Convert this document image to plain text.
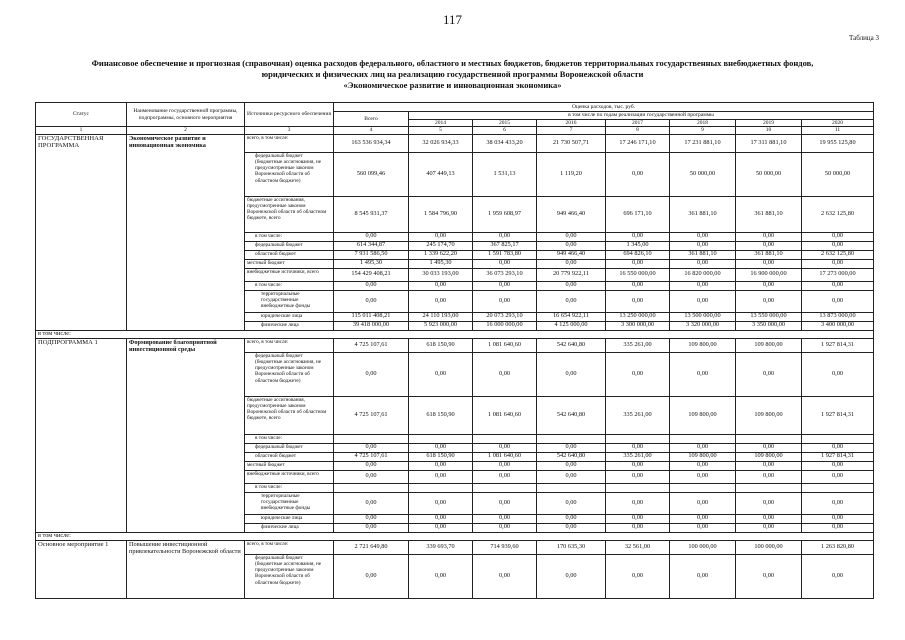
117
Таблица 3
Финансовое обеспечение и прогнозная (справочная) оценка расходов федерального, областного и местных бюджетов, бюджетов территориальных государственных внебюджетных фондов,
юридических и физических лиц на реализацию государственной программы Воронежской области
«Экономическое развитие и инновационная экономика»
Статус	Наименование государственной программы, подпрограммы, основного мероприятия	Источники ресурсного обеспечения	Оценка расходов, тыс. руб.							
			Всего	в том числе по годам реализации государственной программы						
				2014	2015	2016	2017	2018	2019	2020

1	2	3	4	5	6	7	8	9	10	11
ГОСУДАРСТВЕННАЯ ПРОГРАММА	Экономическое развитие и инновационная экономика	всего, в том числе:	163 536 934,34	32 026 934,33	38 034 433,20	21 730 507,71	17 246 171,10	17 231 881,10	17 311 881,10	19 955 125,80
		федеральный бюджет (бюджетные ассигнования, не предусмотренные законом Воронежской области об областном бюджете)	560 099,46	407 449,13	1 531,13	1 119,20	0,00	50 000,00	50 000,00	50 000,00
		бюджетные ассигнования, предусмотренные законом Воронежской области об областном бюджете, всего	8 545 931,37	1 584 796,90	1 959 608,97	949 466,40	696 171,10	361 881,10	361 881,10	2 632 125,80
		в том числе:	0,00	0,00	0,00	0,00	0,00	0,00	0,00	0,00
		федеральный бюджет	614 344,87	245 174,70	367 825,17	0,00	1 345,00	0,00	0,00	0,00
		областной бюджет	7 931 586,50	1 339 622,20	1 591 783,80	949 466,40	694 826,10	361 881,10	361 881,10	2 632 125,80
		местный бюджет	1 495,30	1 495,30	0,00	0,00	0,00	0,00	0,00	0,00
		внебюджетные источники, всего	154 429 408,21	30 033 193,00	36 073 293,10	20 779 922,11	16 550 000,00	16 820 000,00	16 900 000,00	17 273 000,00
		в том числе:	0,00	0,00	0,00	0,00	0,00	0,00	0,00	0,00
		территориальные государственные внебюджетные фонды	0,00	0,00	0,00	0,00	0,00	0,00	0,00	0,00
		юридические лица	115 011 408,21	24 110 193,00	20 073 293,10	16 654 922,11	13 250 000,00	13 500 000,00	13 550 000,00	13 873 000,00
		физические лица	39 418 000,00	5 923 000,00	16 000 000,00	4 125 000,00	3 300 000,00	3 320 000,00	3 350 000,00	3 400 000,00
в том числе:										
ПОДПРОГРАММА 1	Формирование благоприятной инвестиционной среды	всего, в том числе:	4 725 107,61	618 150,90	1 081 640,60	542 640,80	335 261,00	109 800,00	109 800,00	1 927 814,31
		федеральный бюджет (бюджетные ассигнования, не предусмотренные законом Воронежской области об областном бюджете)	0,00	0,00	0,00	0,00	0,00	0,00	0,00	0,00
		бюджетные ассигнования, предусмотренные законом Воронежской области об областном бюджете, всего	4 725 107,61	618 150,90	1 081 640,60	542 640,80	335 261,00	109 800,00	109 800,00	1 927 814,31
		в том числе:								
		федеральный бюджет	0,00	0,00	0,00	0,00	0,00	0,00	0,00	0,00
		областной бюджет	4 725 107,61	618 150,90	1 081 640,60	542 640,80	335 261,00	109 800,00	109 800,00	1 927 814,31
		местный бюджет	0,00	0,00	0,00	0,00	0,00	0,00	0,00	0,00
		внебюджетные источники, всего	0,00	0,00	0,00	0,00	0,00	0,00	0,00	0,00
		в том числе:								
		территориальные государственные внебюджетные фонды	0,00	0,00	0,00	0,00	0,00	0,00	0,00	0,00
		юридические лица	0,00	0,00	0,00	0,00	0,00	0,00	0,00	0,00
		физические лица	0,00	0,00	0,00	0,00	0,00	0,00	0,00	0,00
в том числе:										
Основное мероприятие 1	Повышение инвестиционной привлекательности Воронежской области	всего, в том числе:	2 721 649,80	339 693,70	714 939,60	170 635,30	32 561,00	100 000,00	100 000,00	1 263 820,80
		федеральный бюджет (бюджетные ассигнования, не предусмотренные законом Воронежской области об областном бюджете)	0,00	0,00	0,00	0,00	0,00	0,00	0,00	0,00
